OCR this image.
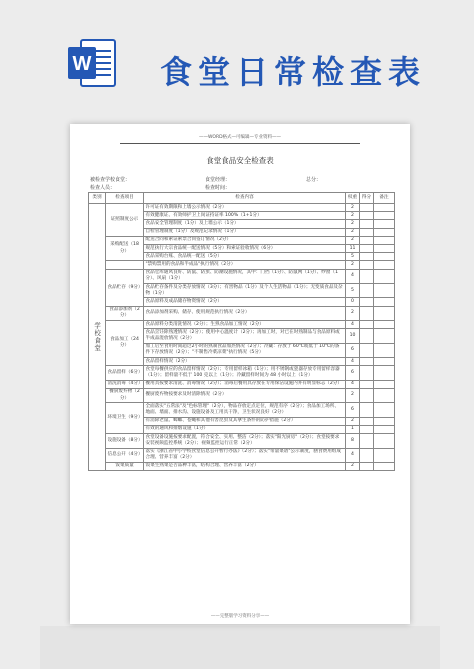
W 食堂日常检查表
——WORD格式—可编辑—专业资料——
食堂食品安全检查表
被检查学校食堂：	食堂经理：	总分：
检查人员：	检查时间：
类别	检查项目	检查内容	权重	得分	备注
学校食堂	证照制度公示	许可证有效期限和上墙公示情况（2分）	2		
		有效健康证、有效师护卫上岗证持证率 100%（1+1分）	2		
		食品安全管理制度（1分）及上墙公示（1分）	2		
		自检管理制度（1分）及规范记录情况（1分）	2		
	采购配送（18分）	配送合同和索证索票合同签订情况（2分）	2		
		规范执行大宗食品统一配送情况（5分）和索证验收情况（6分）	11		
		食品采购台账、食品统一配送（5分）	5		
		"禁购禁用的食品和半成品"执行情况（2分）	2		
	食品贮存（9分）	食品仓库通风良好、防鼠、防虫、防潮设施情况，其中：门挡（1分）、防鼠网（1分）、纱窗（1分）、风扇（1分）	4		
		食品贮存条件及分类存放情况（3分）；有害物品（1分）及个人生活物品（1分）；无变质食品及杂物（1分）	5		
		食品原料及成品储存物资情况（2分）	0		
	食品添加剂（2分）	食品添加剂采购、储存、使用规范执行情况（2分）	2		
	食品加工（24分）	食品原料分类清洗情况（2分）；生熟食品加工情况（2分）	4		
		食品烹饪除熟透情况（2分）；使用中心温度计（2分）；再加工时，对已在时熟制品与食品原料或半成品混放情况（2分）	10		
		加工后至食用时间超过2小时的熟制食品加热情况（2分）；冷藏：存放于 60℃或低于 10℃的条件下存放情况（2分）；"不制售冷菜凉菜"执行情况（5分）	6		
		食品留样情况（2分）	4		
	食品留样（6分）	食堂每餐供应的食品留样情况（2分）；专用留样冰箱（1分）；用不锈钢或瓷器存放专用留样容器（1分）；留样量不低于 100 克以上（1分）；冷藏留样时间为 48 小时以上（1分）	6		
	清洗消毒（4分）	餐用具按要求清洗、消毒情况（2分）；消毒后餐用具存放在专用保洁设施内并有明显标志（2分）	4		
	餐厨废弃物（2分）	餐厨废弃物按要求及时清除情况（2分）	2		
	环境卫生（9分）	全面落实"五常法"及"色标管理"（2分），物品存放定点定位，规范有序（2分）；食品加工场所、地面、墙面、排水沟、设施设备及工用具干净，卫生状况良好（2分）	6		
		有消除老鼠、蟑螂、苍蝇和其他有害昆虫及其孳生条件的防护措施（2分）	2		
		有效的通风和排烟设施（1分）	1		
	设施设备（8分）	食堂设备设施按要求配置，符合安全、实用、整洁（2分）；落实"阳光厨房"（2分）；食堂按要求安装视频监控系统（2分）；视频监控运行正常（2分）	8		
	信息公开（4分）	落实《浙江省中小学校食堂信息公开暂行办法》（2分）；落实"带量菜谱"公示制度，膳食费用组成合理、营养丰富（2分）	4		
	饭菜质量	饭菜生熟菜是否品种丰富，结构合理、营养丰富（2分）	2		
——完整版学习资料分享——
